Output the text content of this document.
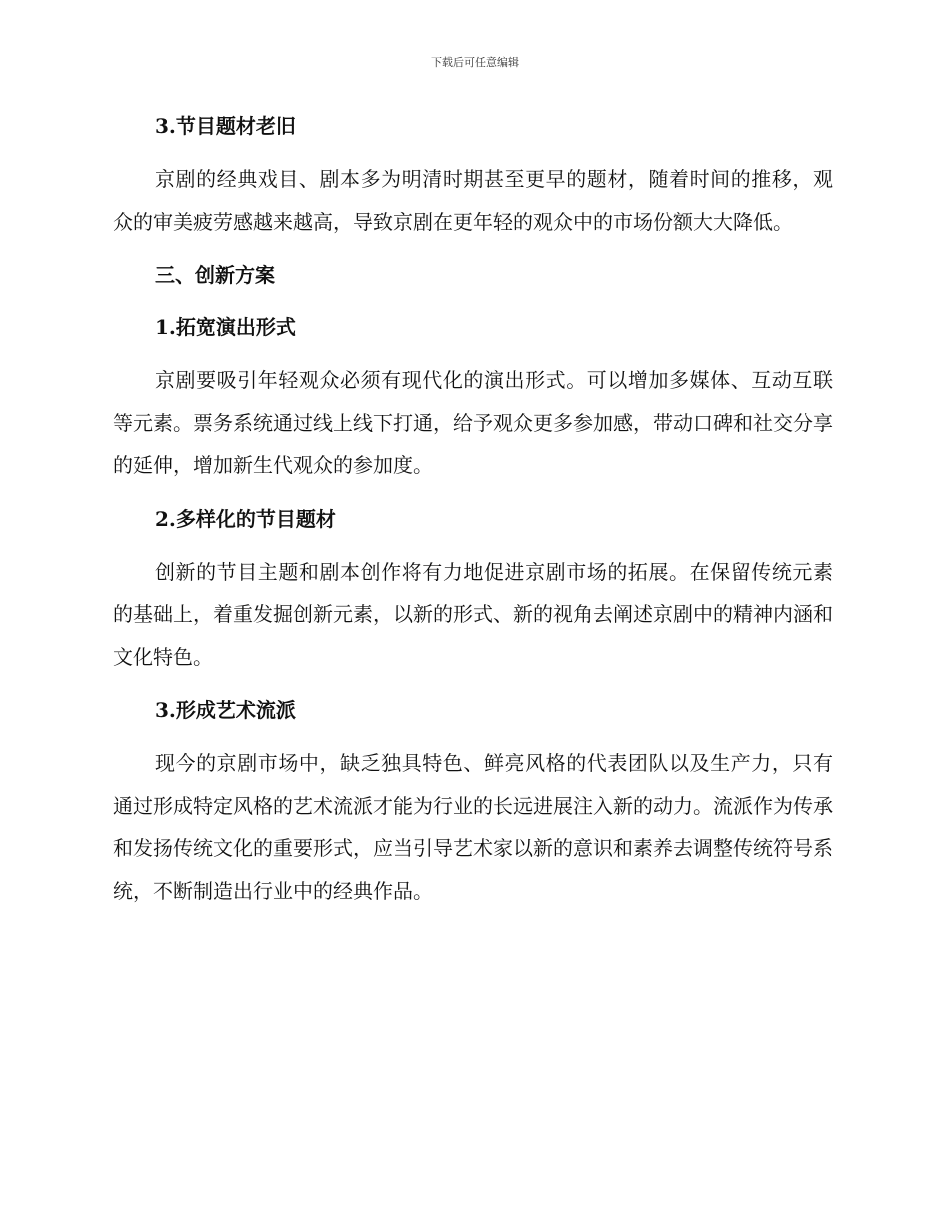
下载后可任意编辑
3.节目题材老旧

京剧的经典戏目、剧本多为明清时期甚至更早的题材，随着时间的推移，观众的审美疲劳感越来越高，导致京剧在更年轻的观众中的市场份额大大降低。

三、创新方案
1.拓宽演出形式

京剧要吸引年轻观众必须有现代化的演出形式。可以增加多媒体、互动互联等元素。票务系统通过线上线下打通，给予观众更多参加感，带动口碑和社交分享的延伸，增加新生代观众的参加度。

2.多样化的节目题材

创新的节目主题和剧本创作将有力地促进京剧市场的拓展。在保留传统元素的基础上，着重发掘创新元素，以新的形式、新的视角去阐述京剧中的精神内涵和文化特色。

3.形成艺术流派

现今的京剧市场中，缺乏独具特色、鲜亮风格的代表团队以及生产力，只有通过形成特定风格的艺术流派才能为行业的长远进展注入新的动力。流派作为传承和发扬传统文化的重要形式，应当引导艺术家以新的意识和素养去调整传统符号系统，不断制造出行业中的经典作品。
